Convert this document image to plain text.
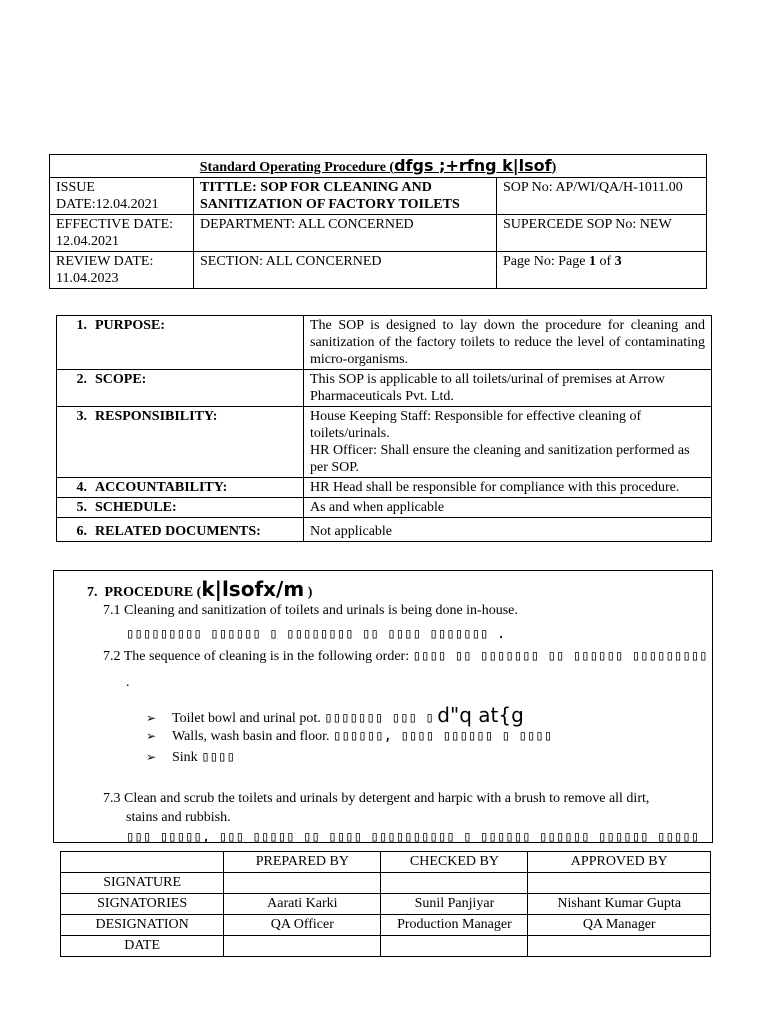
Standard Operating Procedure (dfgs ;+rfng k|lsof)		
ISSUE DATE:12.04.2021	TITTLE: SOP FOR CLEANING AND SANITIZATION OF FACTORY TOILETS	SOP No: AP/WI/QA/H-1011.00
EFFECTIVE DATE: 12.04.2021	DEPARTMENT: ALL CONCERNED	SUPERCEDE SOP No: NEW
REVIEW DATE: 11.04.2023	SECTION: ALL CONCERNED	Page No: Page 1 of 3
1. PURPOSE:	The SOP is designed to lay down the procedure for cleaning and sanitization of the factory toilets to reduce the level of contaminating micro-organisms.
2. SCOPE:	This SOP is applicable to all toilets/urinal of premises at Arrow Pharmaceuticals Pvt. Ltd.
3. RESPONSIBILITY:	House Keeping Staff: Responsible for effective cleaning of toilets/urinals.
HR Officer: Shall ensure the cleaning and sanitization performed as per SOP.

4. ACCOUNTABILITY:	HR Head shall be responsible for compliance with this procedure.
5. SCHEDULE:	As and when applicable
6. RELATED DOCUMENTS:	Not applicable
7. PROCEDURE (k|lsofx/m )
7.1 Cleaning and sanitization of toilets and urinals is being done in-house.
▯▯▯▯▯▯▯▯▯ ▯▯▯▯▯▯ ▯ ▯▯▯▯▯▯▯▯ ▯▯ ▯▯▯▯ ▯▯▯▯▯▯▯ .
7.2 The sequence of cleaning is in the following order: ▯▯▯▯ ▯▯ ▯▯▯▯▯▯▯ ▯▯ ▯▯▯▯▯▯ ▯▯▯▯▯▯▯▯▯
.
➢ Toilet bowl and urinal pot. ▯▯▯▯▯▯▯ ▯▯▯ ▯ d"q at{g
➢ Walls, wash basin and floor. ▯▯▯▯▯▯, ▯▯▯▯ ▯▯▯▯▯▯ ▯ ▯▯▯▯
➢ Sink ▯▯▯▯
7.3 Clean and scrub the toilets and urinals by detergent and harpic with a brush to remove all dirt,
stains and rubbish.
▯▯▯ ▯▯▯▯▯, ▯▯▯ ▯▯▯▯▯ ▯▯ ▯▯▯▯ ▯▯▯▯▯▯▯▯▯▯ ▯ ▯▯▯▯▯▯ ▯▯▯▯▯▯ ▯▯▯▯▯▯ ▯▯▯▯▯
	PREPARED BY	CHECKED BY	APPROVED BY
SIGNATURE			
SIGNATORIES	Aarati Karki	Sunil Panjiyar	Nishant Kumar Gupta
DESIGNATION	QA Officer	Production Manager	QA Manager
DATE			
